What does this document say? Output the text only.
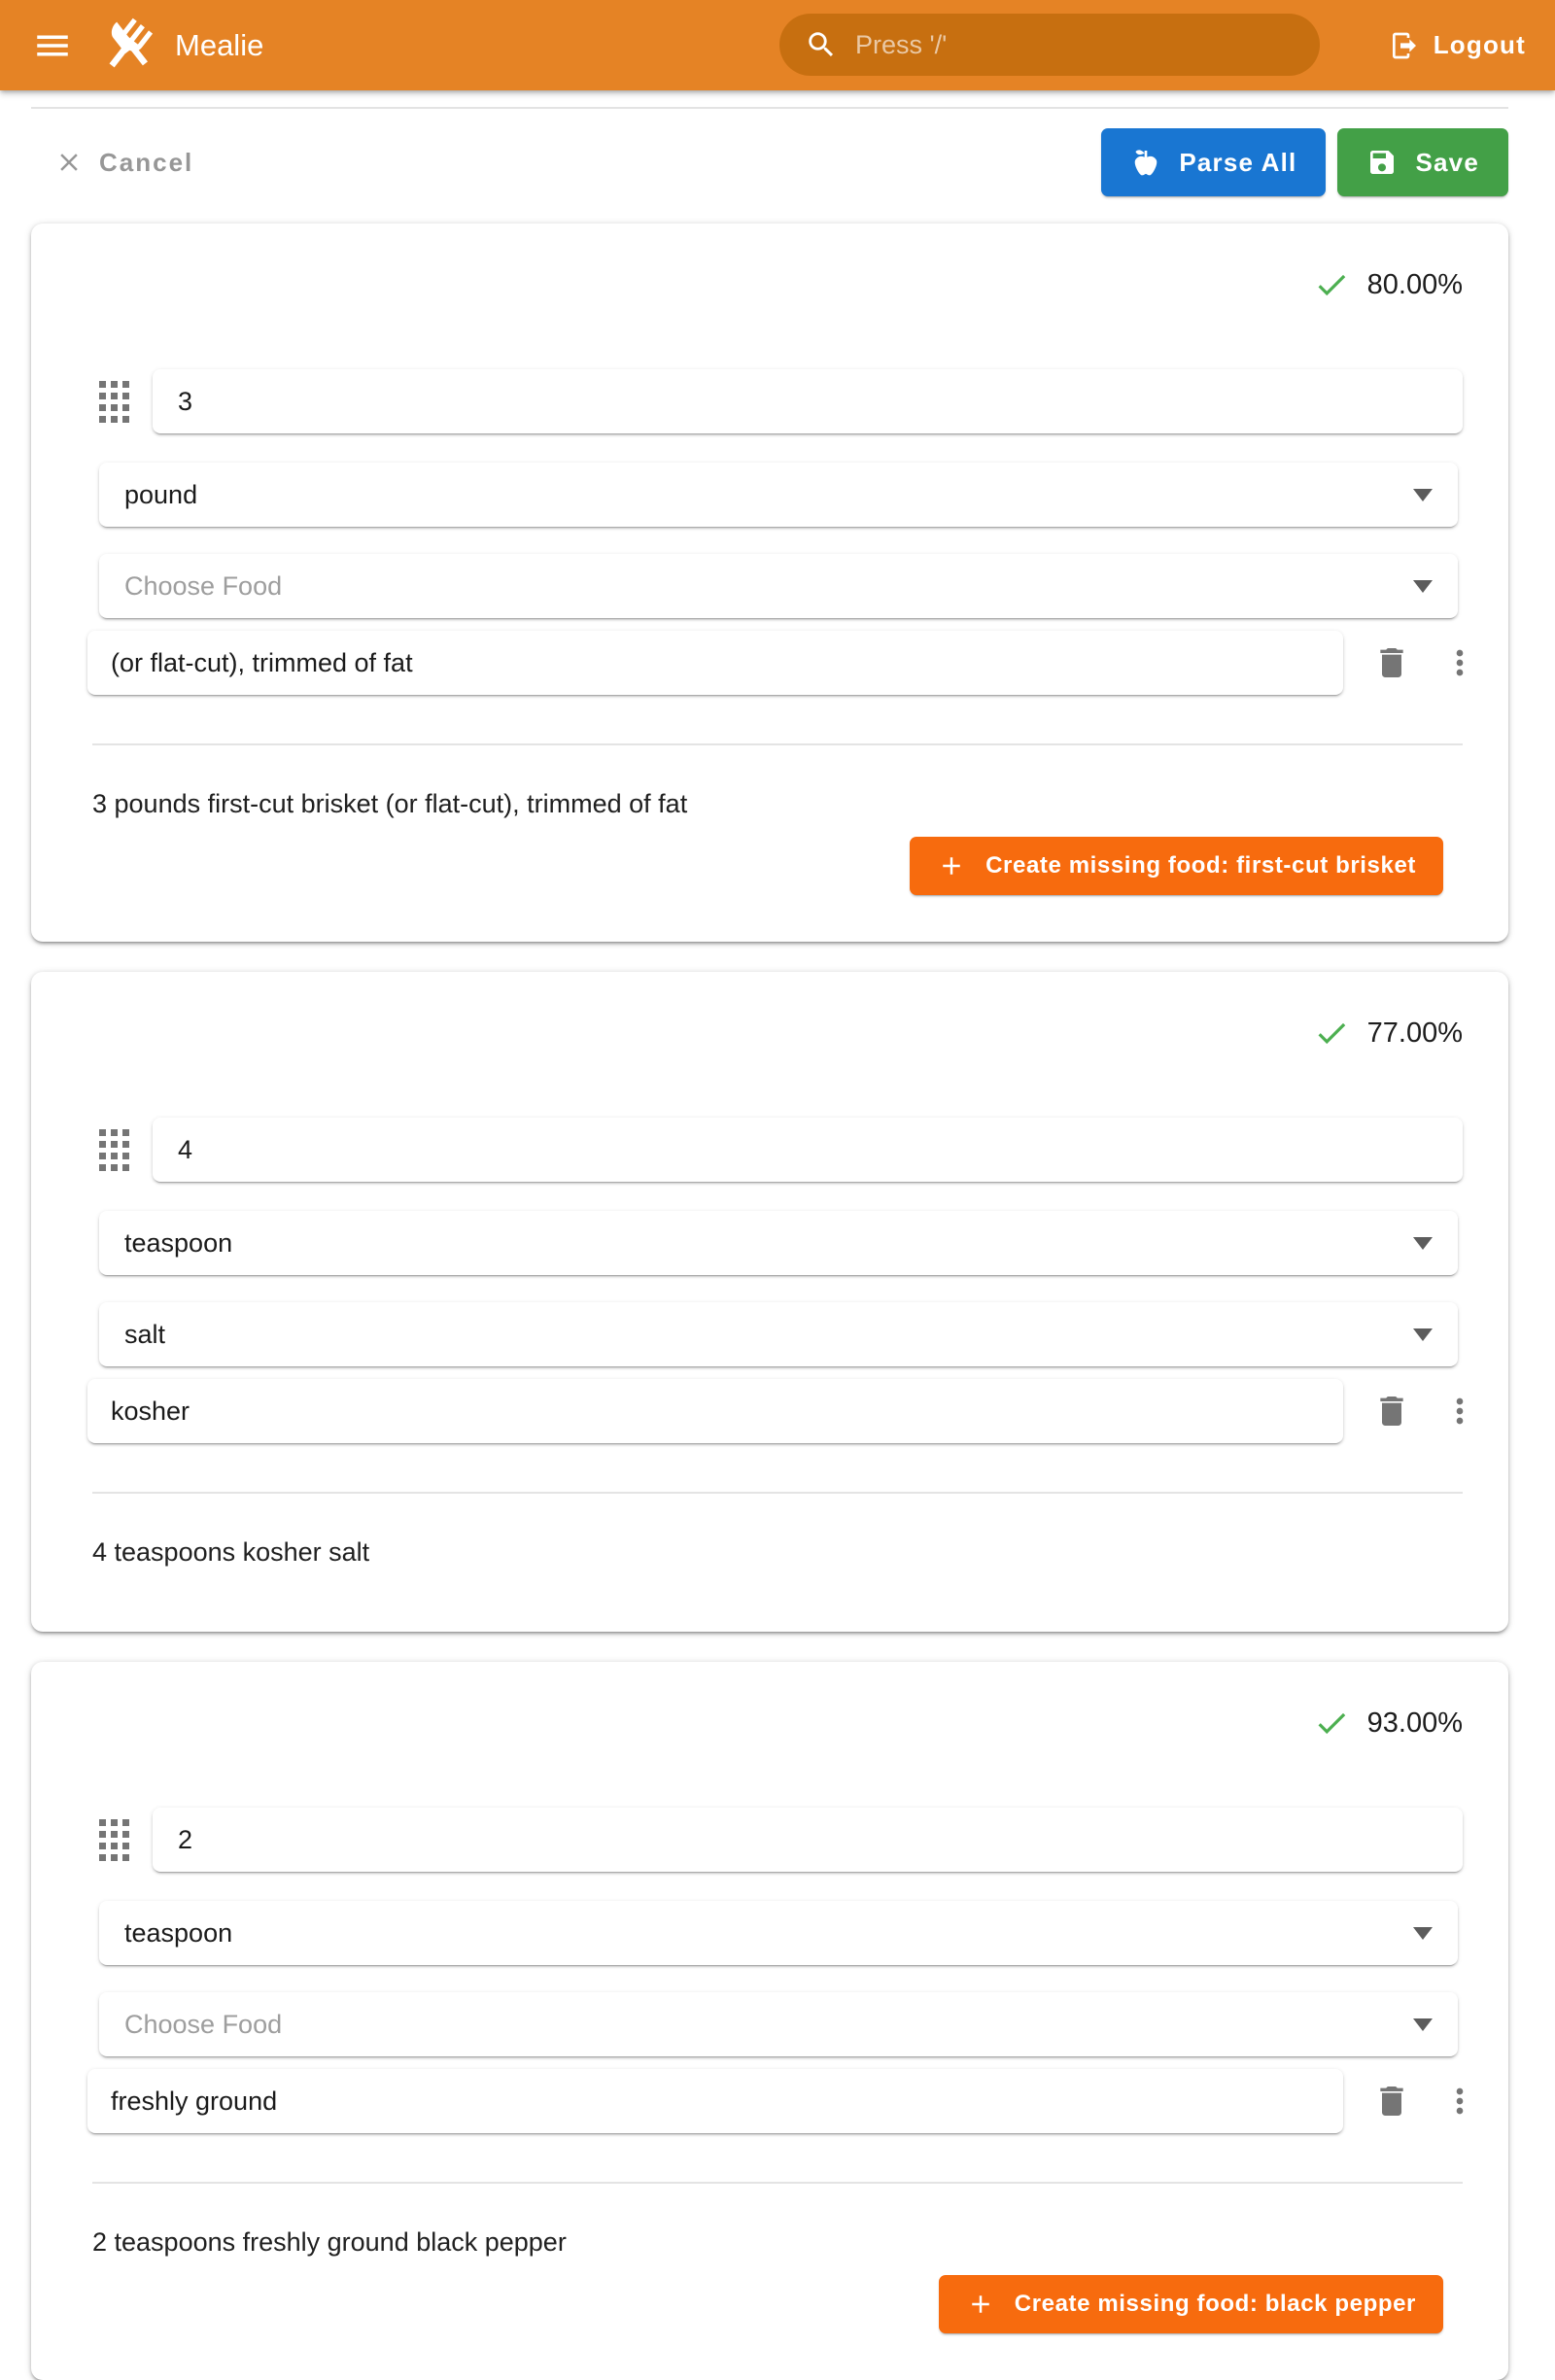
Mealie	Press '/'	Logout
Cancel	Parse All	Save
80.00%
3
pound
Choose Food
(or flat-cut), trimmed of fat
3 pounds first-cut brisket (or flat-cut), trimmed of fat
Create missing food: first-cut brisket
77.00%
4
teaspoon
salt
kosher
4 teaspoons kosher salt
93.00%
2
teaspoon
Choose Food
freshly ground
2 teaspoons freshly ground black pepper
Create missing food: black pepper
